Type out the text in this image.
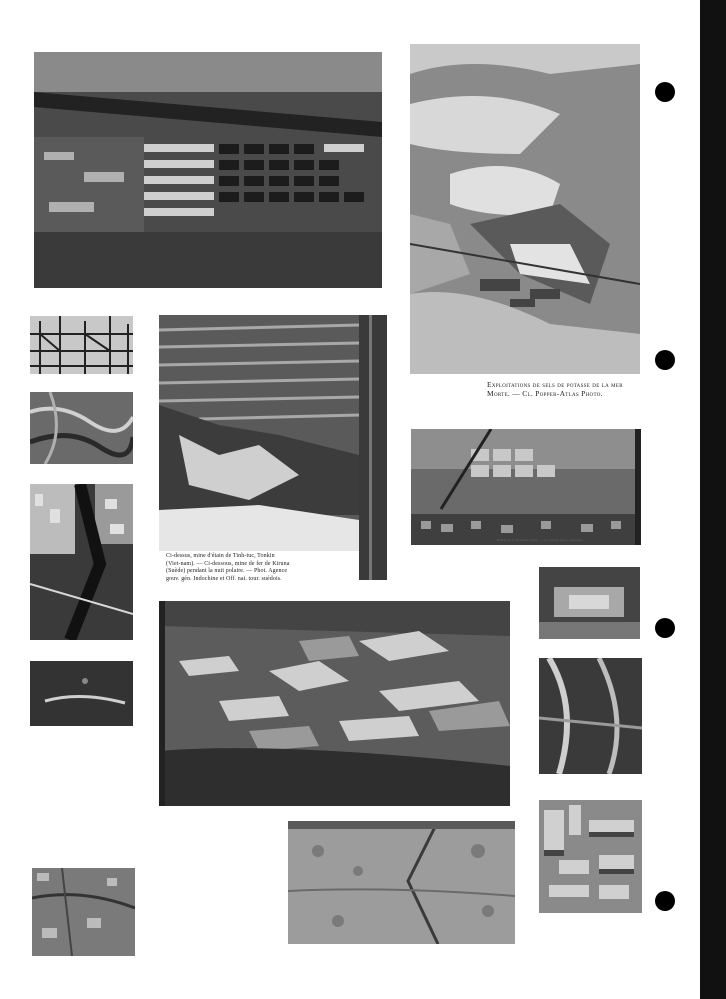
Exploitations de sels de potasse de la mer Morte. — Cl. Popper-Atlas Photo.
Ci-dessus, mine d'étain de Tinh-tuc, Tonkin
(Viet-nam). — Ci-dessous, mine de fer de Kiruna
(Suède) pendant la nuit polaire. — Phot. Agence
gouv. gén. Indochine et Off. nat. tour. suédois.
Bassin de la Dombes (Ain). — Cl. Aérien photo-aérienne.
